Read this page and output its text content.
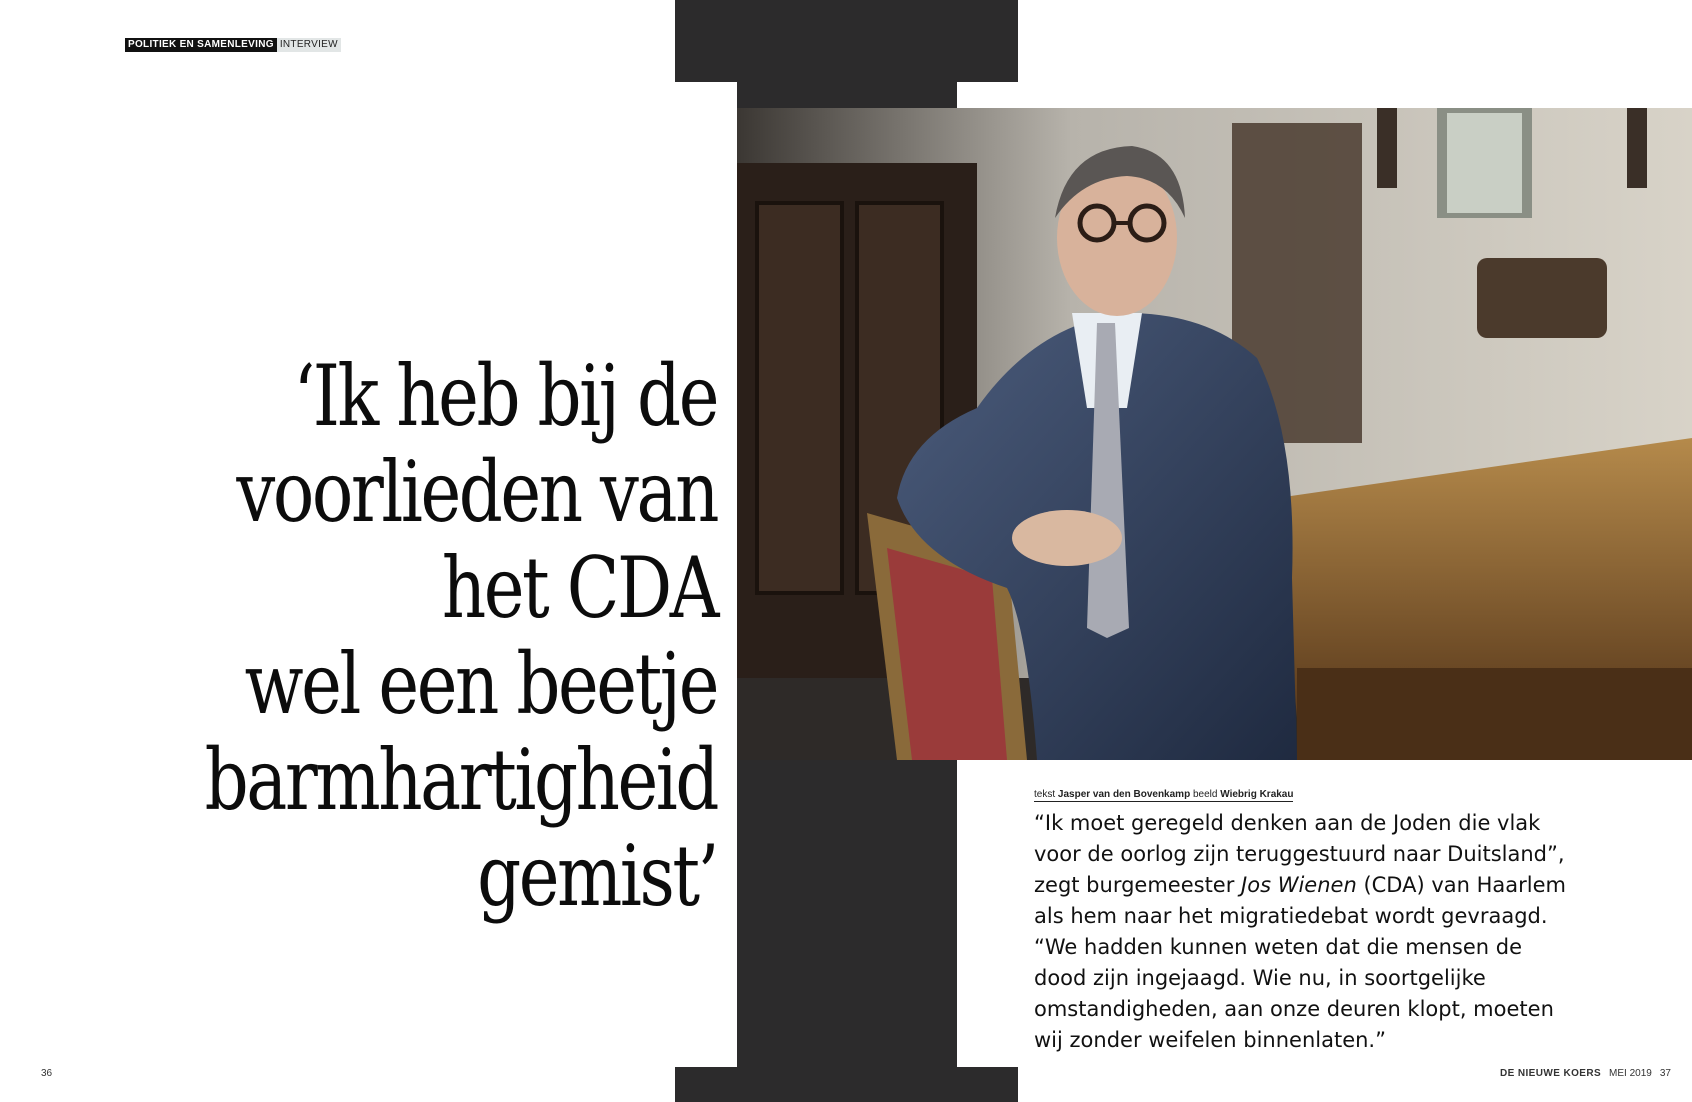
POLITIEK EN SAMENLEVING INTERVIEW
‘Ik heb bij de
voorlieden van
het CDA
wel een beetje
barmhartigheid
gemist’
tekst Jasper van den Bovenkamp beeld Wiebrig Krakau
“Ik moet geregeld denken aan de Joden die vlak voor de oorlog zijn teruggestuurd naar Duitsland”, zegt burgemeester Jos Wienen (CDA) van Haarlem als hem naar het migratiedebat wordt gevraagd. “We hadden kunnen weten dat die mensen de dood zijn ingejaagd. Wie nu, in soortgelijke omstandigheden, aan onze deuren klopt, moeten wij zonder weifelen binnenlaten.”
36	DE NIEUWE KOERS MEI 2019 37
